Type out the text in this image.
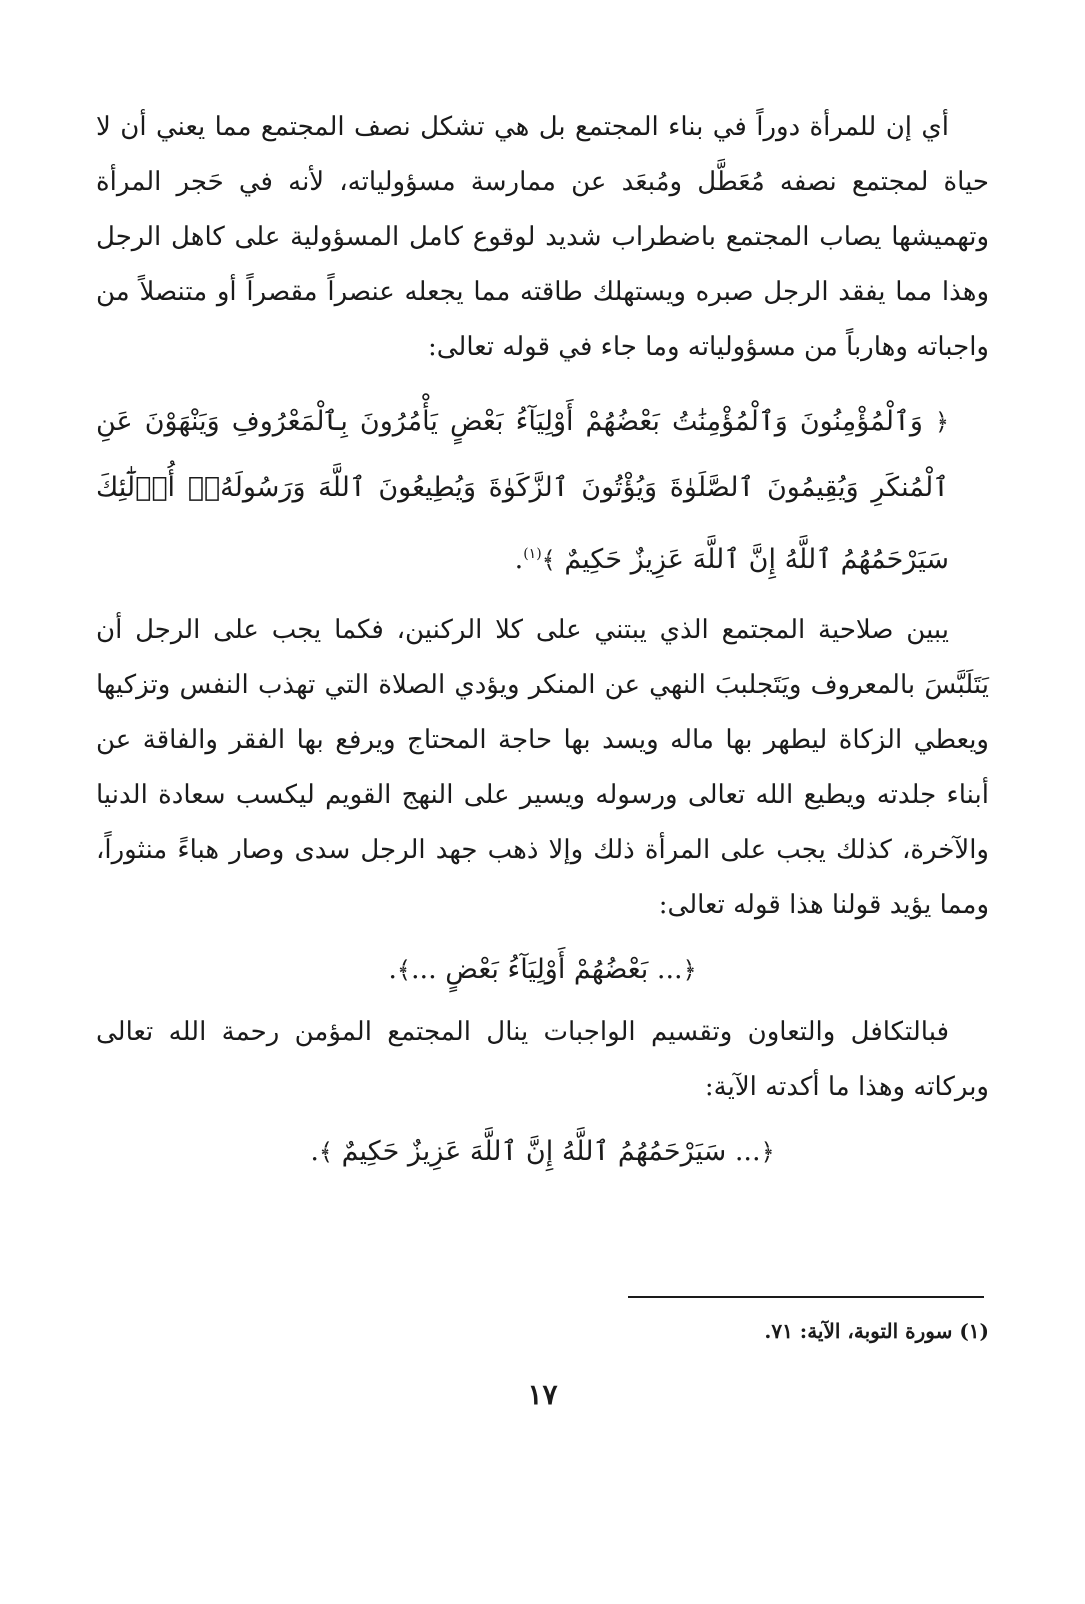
أي إن للمرأة دوراً في بناء المجتمع بل هي تشكل نصف المجتمع مما يعني أن لا حياة لمجتمع نصفه مُعَطَّل ومُبعَد عن ممارسة مسؤولياته، لأنه في حَجر المرأة وتهميشها يصاب المجتمع باضطراب شديد لوقوع كامل المسؤولية على كاهل الرجل وهذا مما يفقد الرجل صبره ويستهلك طاقته مما يجعله عنصراً مقصراً أو متنصلاً من واجباته وهارباً من مسؤولياته وما جاء في قوله تعالى:

﴿ وَٱلْمُؤْمِنُونَ وَٱلْمُؤْمِنَٰتُ بَعْضُهُمْ أَوْلِيَآءُ بَعْضٍ يَأْمُرُونَ بِٱلْمَعْرُوفِ وَيَنْهَوْنَ عَنِ ٱلْمُنكَرِ وَيُقِيمُونَ ٱلصَّلَوٰةَ وَيُؤْتُونَ ٱلزَّكَوٰةَ وَيُطِيعُونَ ٱللَّهَ وَرَسُولَهُۥٓ أُو۟لَٰٓئِكَ سَيَرْحَمُهُمُ ٱللَّهُ إِنَّ ٱللَّهَ عَزِيزٌ حَكِيمٌ ﴾$^{(١)}$.

يبين صلاحية المجتمع الذي يبتني على كلا الركنين، فكما يجب على الرجل أن يَتَلَبَّسَ بالمعروف ويَتَجلببَ النهي عن المنكر ويؤدي الصلاة التي تهذب النفس وتزكيها ويعطي الزكاة ليطهر بها ماله ويسد بها حاجة المحتاج ويرفع بها الفقر والفاقة عن أبناء جلدته ويطيع الله تعالى ورسوله ويسير على النهج القويم ليكسب سعادة الدنيا والآخرة، كذلك يجب على المرأة ذلك وإلا ذهب جهد الرجل سدى وصار هباءً منثوراً، ومما يؤيد قولنا هذا قوله تعالى:

﴿... بَعْضُهُمْ أَوْلِيَآءُ بَعْضٍ ...﴾.

فبالتكافل والتعاون وتقسيم الواجبات ينال المجتمع المؤمن رحمة الله تعالى وبركاته وهذا ما أكدته الآية:

﴿... سَيَرْحَمُهُمُ ٱللَّهُ إِنَّ ٱللَّهَ عَزِيزٌ حَكِيمٌ ﴾.

(١) سورة التوبة، الآية: ٧١.
١٧
